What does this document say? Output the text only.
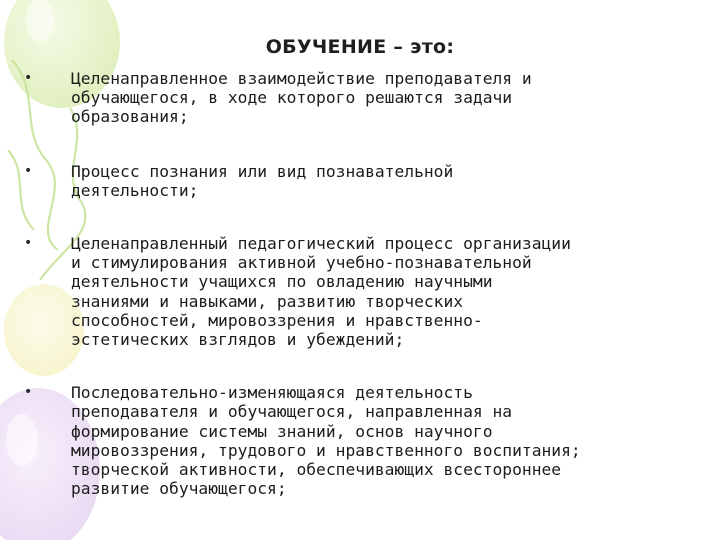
ОБУЧЕНИЕ – это:
• Целенаправленное взаимодействие преподавателя и
обучающегося, в ходе которого решаются задачи
образования;
• Процесс познания или вид познавательной
деятельности;
• Целенаправленный педагогический процесс организации
и стимулирования активной учебно-познавательной
деятельности учащихся по овладению научными
знаниями и навыками, развитию творческих
способностей, мировоззрения и нравственно-
эстетических взглядов и убеждений;
• Последовательно-изменяющаяся деятельность
преподавателя и обучающегося, направленная на
формирование системы знаний, основ научного
мировоззрения, трудового и нравственного воспитания;
творческой активности, обеспечивающих всестороннее
развитие обучающегося;
